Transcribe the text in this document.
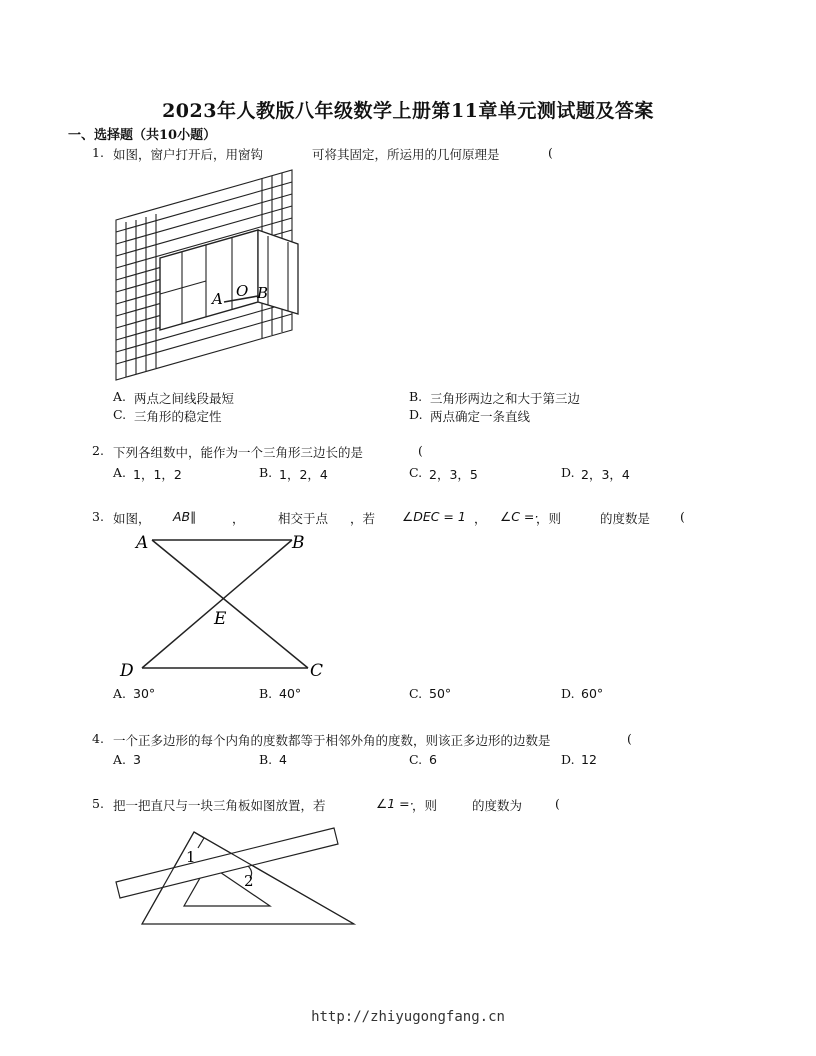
2023年人教版八年级数学上册第11章单元测试题及答案
一、选择题（共10小题）
1. 如图，窗户打开后，用窗钩	可将其固定，所运用的几何原理是	(
A O B
A. 两点之间线段最短	B. 三角形两边之和大于第三边
C. 三角形的稳定性	D. 两点确定一条直线
2. 下列各组数中，能作为一个三角形三边长的是	(
A. 1，1，2	B. 1，2，4	C. 2，3，5	D. 2，3，4
3. 如图， AB∥	，	相交于点 ，若 ∠DEC = 1 ， ∠C =·
，则	的度数是 (
A	B
E
D	C
A. 30°	B. 40°	C. 50°	D. 60°
4. 一个正多边形的每个内角的度数都等于相邻外角的度数，则该正多边形的边数是	(
A. 3	B. 4	C. 6	D. 12
5. 把一把直尺与一块三角板如图放置，若	∠1 =·
，则	的度数为	(
1
2
http://zhiyugongfang.cn
